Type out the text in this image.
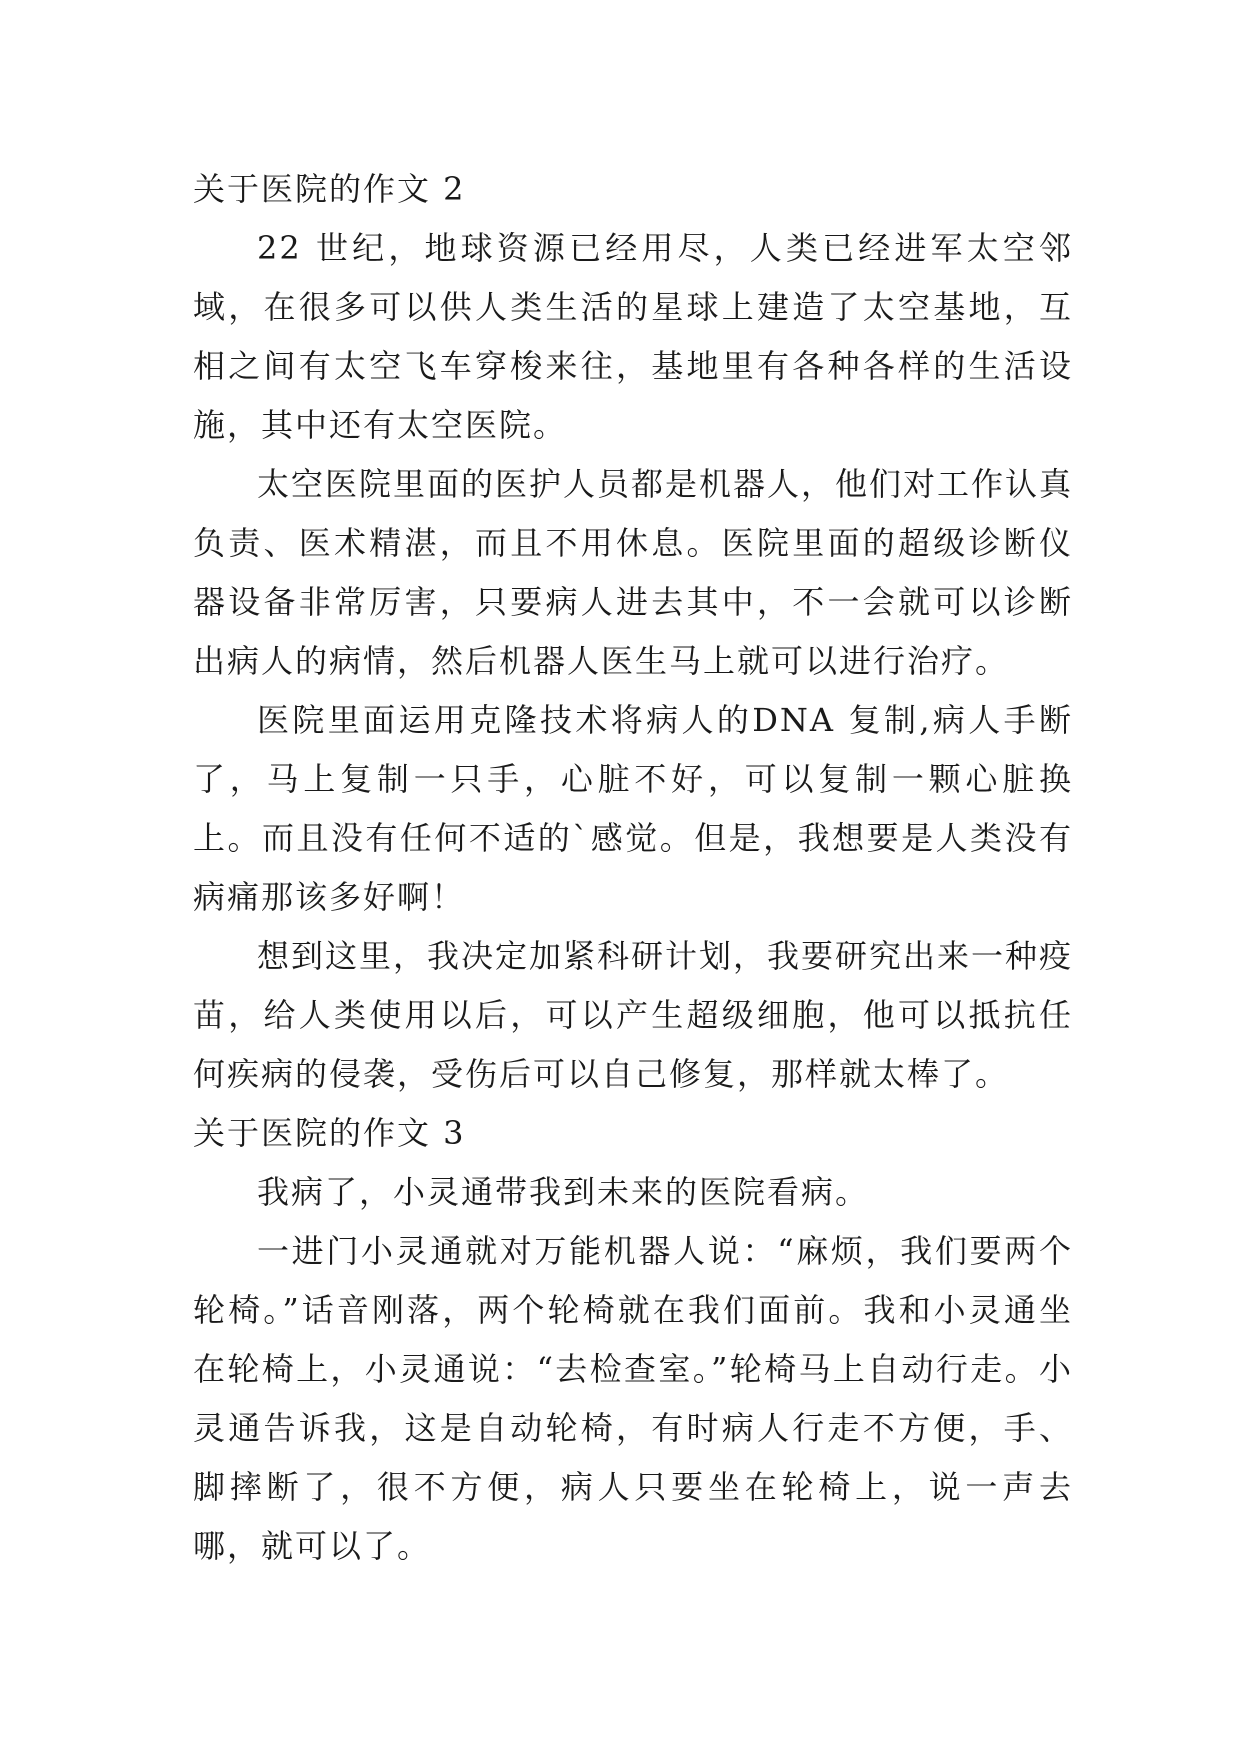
关于医院的作文 2

22 世纪，地球资源已经用尽，人类已经进军太空邻域，在很多可以供人类生活的星球上建造了太空基地，互相之间有太空飞车穿梭来往，基地里有各种各样的生活设施，其中还有太空医院。

太空医院里面的医护人员都是机器人，他们对工作认真负责、医术精湛，而且不用休息。医院里面的超级诊断仪器设备非常厉害，只要病人进去其中，不一会就可以诊断出病人的病情，然后机器人医生马上就可以进行治疗。

医院里面运用克隆技术将病人的DNA 复制,病人手断了，马上复制一只手，心脏不好，可以复制一颗心脏换上。而且没有任何不适的`感觉。但是，我想要是人类没有病痛那该多好啊！

想到这里，我决定加紧科研计划，我要研究出来一种疫苗，给人类使用以后，可以产生超级细胞，他可以抵抗任何疾病的侵袭，受伤后可以自己修复，那样就太棒了。

关于医院的作文 3

我病了，小灵通带我到未来的医院看病。

一进门小灵通就对万能机器人说：“麻烦，我们要两个轮椅。”话音刚落，两个轮椅就在我们面前。我和小灵通坐在轮椅上，小灵通说：“去检查室。”轮椅马上自动行走。小灵通告诉我，这是自动轮椅，有时病人行走不方便，手、脚摔断了，很不方便，病人只要坐在轮椅上，说一声去哪，就可以了。
